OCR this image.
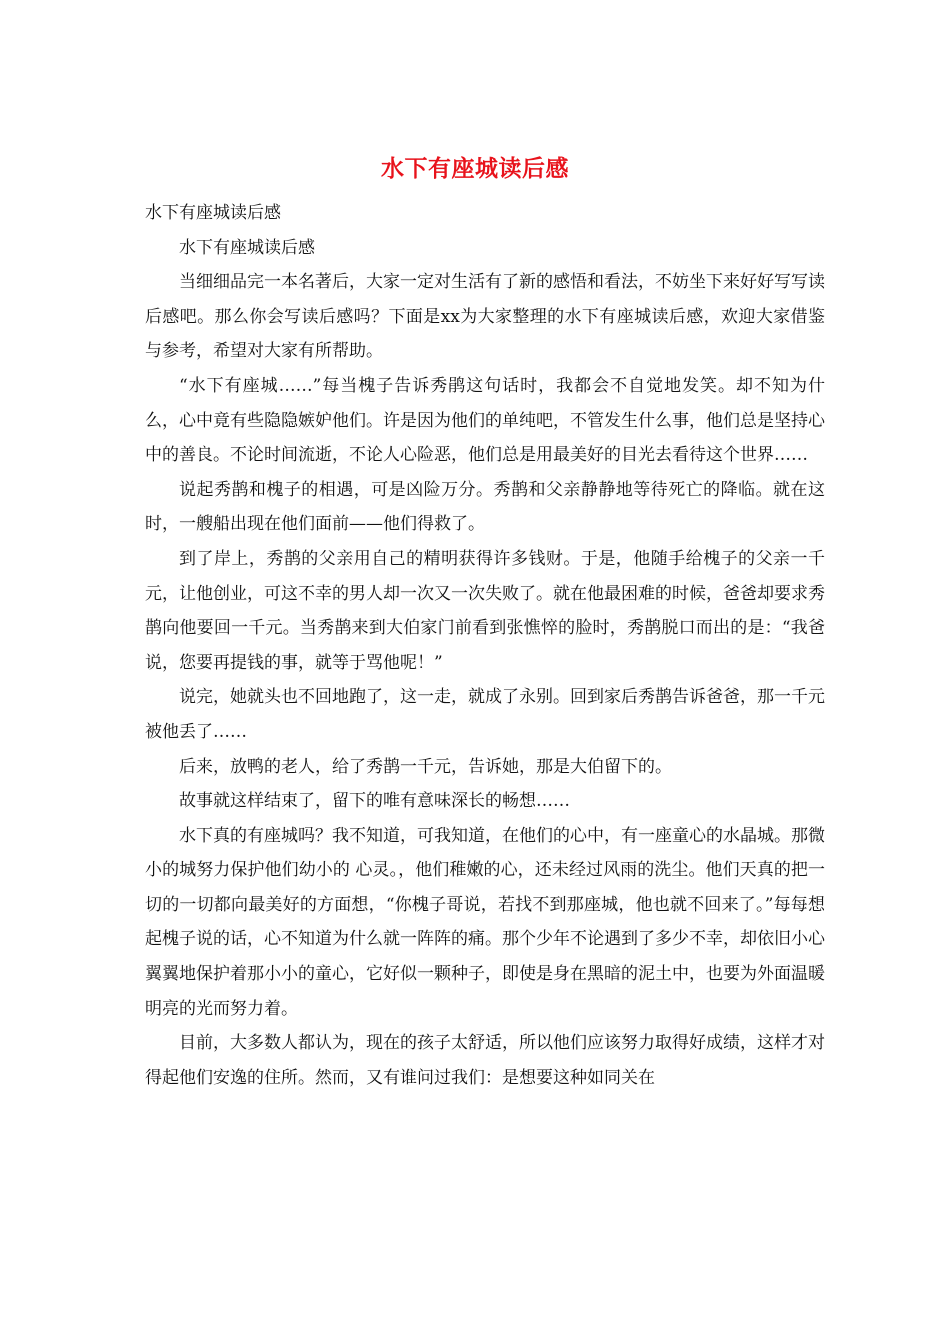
水下有座城读后感

水下有座城读后感

水下有座城读后感

当细细品完一本名著后，大家一定对生活有了新的感悟和看法，不妨坐下来好好写写读后感吧。那么你会写读后感吗？下面是xx为大家整理的水下有座城读后感，欢迎大家借鉴与参考，希望对大家有所帮助。

“水下有座城……”每当槐子告诉秀鹃这句话时，我都会不自觉地发笑。却不知为什么，心中竟有些隐隐嫉妒他们。许是因为他们的单纯吧，不管发生什么事，他们总是坚持心中的善良。不论时间流逝，不论人心险恶，他们总是用最美好的目光去看待这个世界……

说起秀鹊和槐子的相遇，可是凶险万分。秀鹊和父亲静静地等待死亡的降临。就在这时，一艘船出现在他们面前——他们得救了。

到了岸上，秀鹊的父亲用自己的精明获得许多钱财。于是，他随手给槐子的父亲一千元，让他创业，可这不幸的男人却一次又一次失败了。就在他最困难的时候，爸爸却要求秀鹊向他要回一千元。当秀鹊来到大伯家门前看到张憔悴的脸时，秀鹊脱口而出的是：“我爸说，您要再提钱的事，就等于骂他呢！”

说完，她就头也不回地跑了，这一走，就成了永别。回到家后秀鹊告诉爸爸，那一千元被他丢了……

后来，放鸭的老人，给了秀鹊一千元，告诉她，那是大伯留下的。

故事就这样结束了，留下的唯有意味深长的畅想……

水下真的有座城吗？我不知道，可我知道，在他们的心中，有一座童心的水晶城。那微小的城努力保护他们幼小的 心灵。，他们稚嫩的心，还未经过风雨的洗尘。他们天真的把一切的一切都向最美好的方面想，“你槐子哥说，若找不到那座城，他也就不回来了。”每每想起槐子说的话，心不知道为什么就一阵阵的痛。那个少年不论遇到了多少不幸，却依旧小心翼翼地保护着那小小的童心，它好似一颗种子，即使是身在黑暗的泥土中，也要为外面温暖明亮的光而努力着。

目前，大多数人都认为，现在的孩子太舒适，所以他们应该努力取得好成绩，这样才对得起他们安逸的住所。然而，又有谁问过我们：是想要这种如同关在
